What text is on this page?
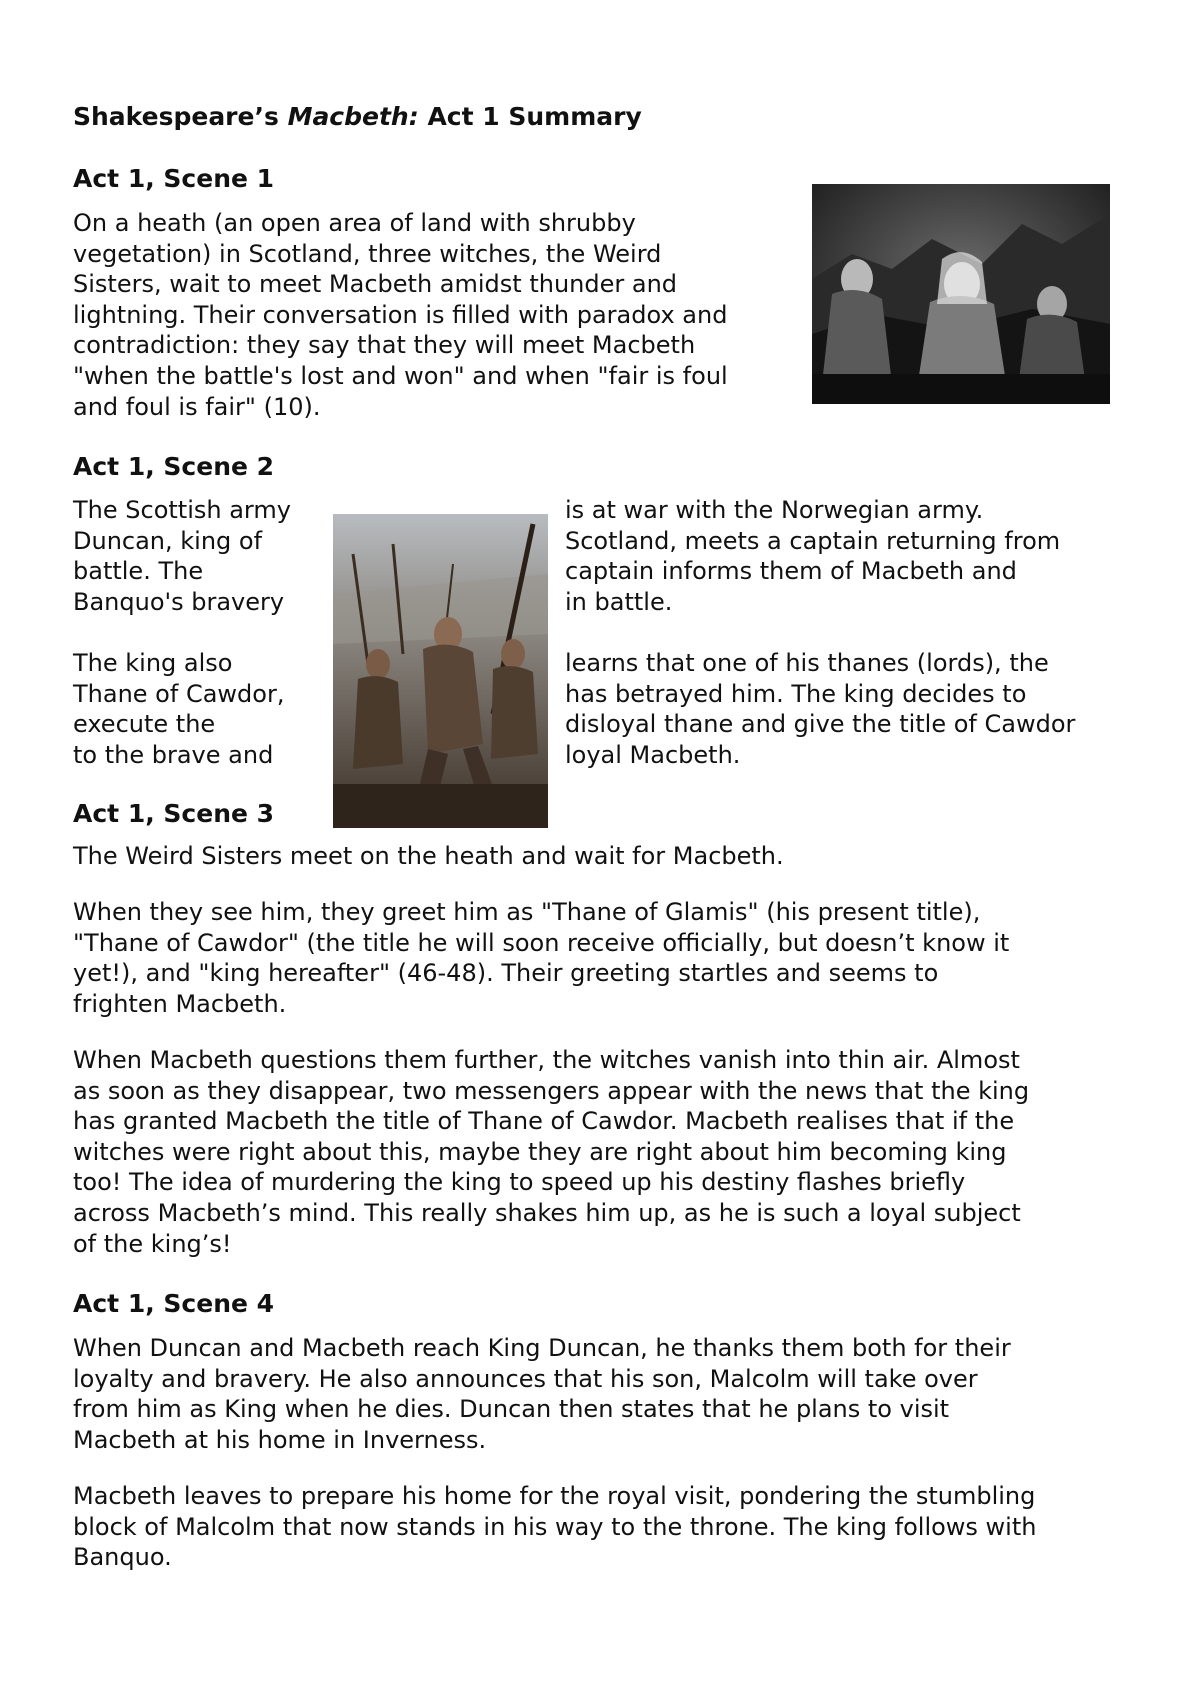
Shakespeare’s Macbeth: Act 1 Summary
Act 1, Scene 1
On a heath (an open area of land with shrubby
vegetation) in Scotland, three witches, the Weird
Sisters, wait to meet Macbeth amidst thunder and
lightning. Their conversation is filled with paradox and
contradiction: they say that they will meet Macbeth
"when the battle's lost and won" and when "fair is foul
and foul is fair" (10).
Act 1, Scene 2
The Scottish army
Duncan, king of
battle. The
Banquo's bravery
is at war with the Norwegian army.
Scotland, meets a captain returning from
captain informs them of Macbeth and
in battle.
The king also
Thane of Cawdor,
execute the
to the brave and
learns that one of his thanes (lords), the
has betrayed him. The king decides to
disloyal thane and give the title of Cawdor
loyal Macbeth.
Act 1, Scene 3
The Weird Sisters meet on the heath and wait for Macbeth.
When they see him, they greet him as "Thane of Glamis" (his present title),
"Thane of Cawdor" (the title he will soon receive officially, but doesn’t know it
yet!), and "king hereafter" (46-48). Their greeting startles and seems to
frighten Macbeth.
When Macbeth questions them further, the witches vanish into thin air. Almost
as soon as they disappear, two messengers appear with the news that the king
has granted Macbeth the title of Thane of Cawdor. Macbeth realises that if the
witches were right about this, maybe they are right about him becoming king
too! The idea of murdering the king to speed up his destiny flashes briefly
across Macbeth’s mind. This really shakes him up, as he is such a loyal subject
of the king’s!
Act 1, Scene 4
When Duncan and Macbeth reach King Duncan, he thanks them both for their
loyalty and bravery. He also announces that his son, Malcolm will take over
from him as King when he dies. Duncan then states that he plans to visit
Macbeth at his home in Inverness.
Macbeth leaves to prepare his home for the royal visit, pondering the stumbling
block of Malcolm that now stands in his way to the throne. The king follows with
Banquo.
